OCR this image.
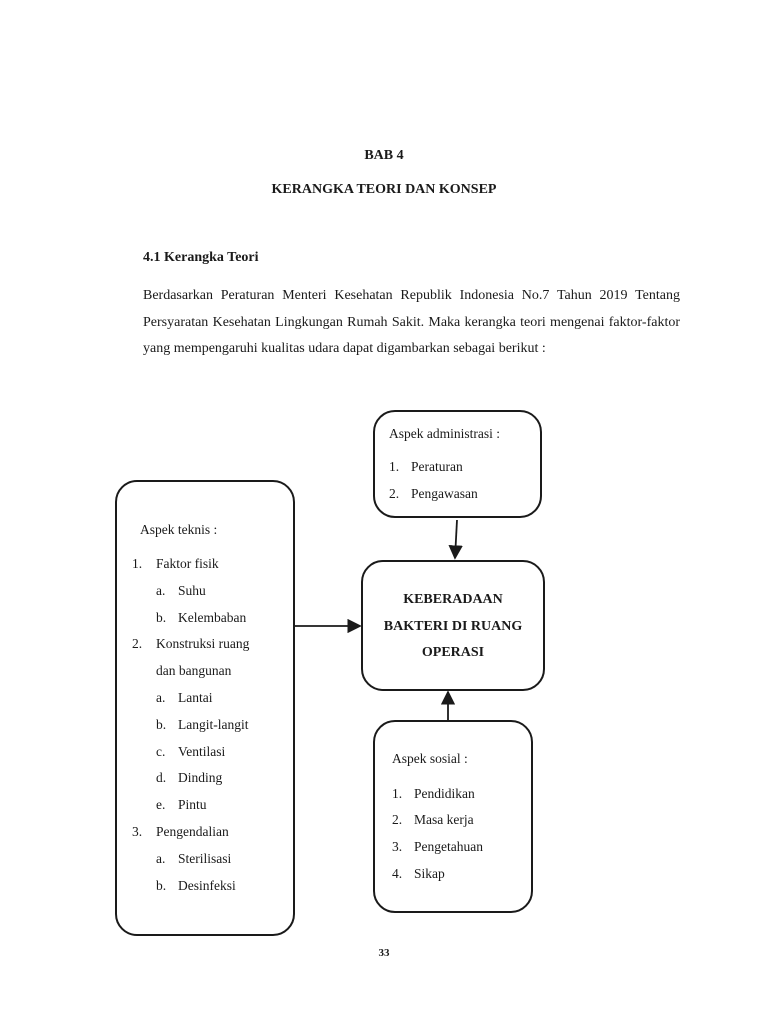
BAB 4
KERANGKA TEORI DAN KONSEP
4.1 Kerangka Teori
Berdasarkan Peraturan Menteri Kesehatan Republik Indonesia No.7 Tahun 2019 Tentang Persyaratan Kesehatan Lingkungan Rumah Sakit. Maka kerangka teori mengenai faktor-faktor yang mempengaruhi kualitas udara dapat digambarkan sebagai berikut :
Aspek administrasi :
1. Peraturan
2. Pengawasan
Aspek teknis :
1. Faktor fisik
a. Suhu
b. Kelembaban
2. Konstruksi ruang
dan bangunan
a. Lantai
b. Langit-langit
c. Ventilasi
d. Dinding
e. Pintu
3. Pengendalian
a. Sterilisasi
b. Desinfeksi
KEBERADAAN
BAKTERI DI RUANG
OPERASI
Aspek sosial :
1. Pendidikan
2. Masa kerja
3. Pengetahuan
4. Sikap
33
